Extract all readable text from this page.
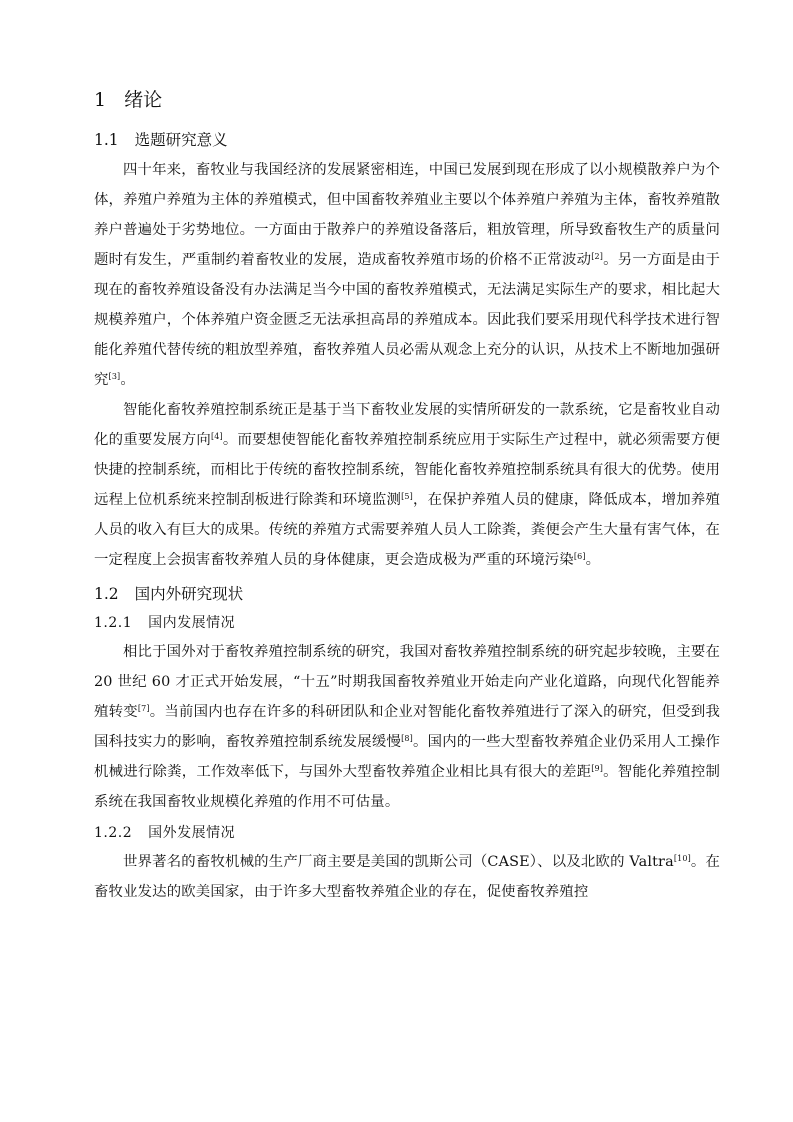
1 绪论
1.1 选题研究意义

四十年来，畜牧业与我国经济的发展紧密相连，中国已发展到现在形成了以小规模散养户为个体，养殖户养殖为主体的养殖模式，但中国畜牧养殖业主要以个体养殖户养殖为主体，畜牧养殖散养户普遍处于劣势地位。一方面由于散养户的养殖设备落后，粗放管理，所导致畜牧生产的质量问题时有发生，严重制约着畜牧业的发展，造成畜牧养殖市场的价格不正常波动[2]。另一方面是由于现在的畜牧养殖设备没有办法满足当今中国的畜牧养殖模式，无法满足实际生产的要求，相比起大规模养殖户，个体养殖户资金匮乏无法承担高昂的养殖成本。因此我们要采用现代科学技术进行智能化养殖代替传统的粗放型养殖，畜牧养殖人员必需从观念上充分的认识，从技术上不断地加强研究[3]。

智能化畜牧养殖控制系统正是基于当下畜牧业发展的实情所研发的一款系统，它是畜牧业自动化的重要发展方向[4]。而要想使智能化畜牧养殖控制系统应用于实际生产过程中，就必须需要方便快捷的控制系统，而相比于传统的畜牧控制系统，智能化畜牧养殖控制系统具有很大的优势。使用远程上位机系统来控制刮板进行除粪和环境监测[5]，在保护养殖人员的健康，降低成本，增加养殖人员的收入有巨大的成果。传统的养殖方式需要养殖人员人工除粪，粪便会产生大量有害气体，在一定程度上会损害畜牧养殖人员的身体健康，更会造成极为严重的环境污染[6]。

1.2 国内外研究现状
1.2.1 国内发展情况

相比于国外对于畜牧养殖控制系统的研究，我国对畜牧养殖控制系统的研究起步较晚，主要在 20 世纪 60 才正式开始发展，“十五”时期我国畜牧养殖业开始走向产业化道路，向现代化智能养殖转变[7]。当前国内也存在许多的科研团队和企业对智能化畜牧养殖进行了深入的研究，但受到我国科技实力的影响，畜牧养殖控制系统发展缓慢[8]。国内的一些大型畜牧养殖企业仍采用人工操作机械进行除粪，工作效率低下，与国外大型畜牧养殖企业相比具有很大的差距[9]。智能化养殖控制系统在我国畜牧业规模化养殖的作用不可估量。

1.2.2 国外发展情况

世界著名的畜牧机械的生产厂商主要是美国的凯斯公司（CASE）、以及北欧的 Valtra[10]。在畜牧业发达的欧美国家，由于许多大型畜牧养殖企业的存在，促使畜牧养殖控
